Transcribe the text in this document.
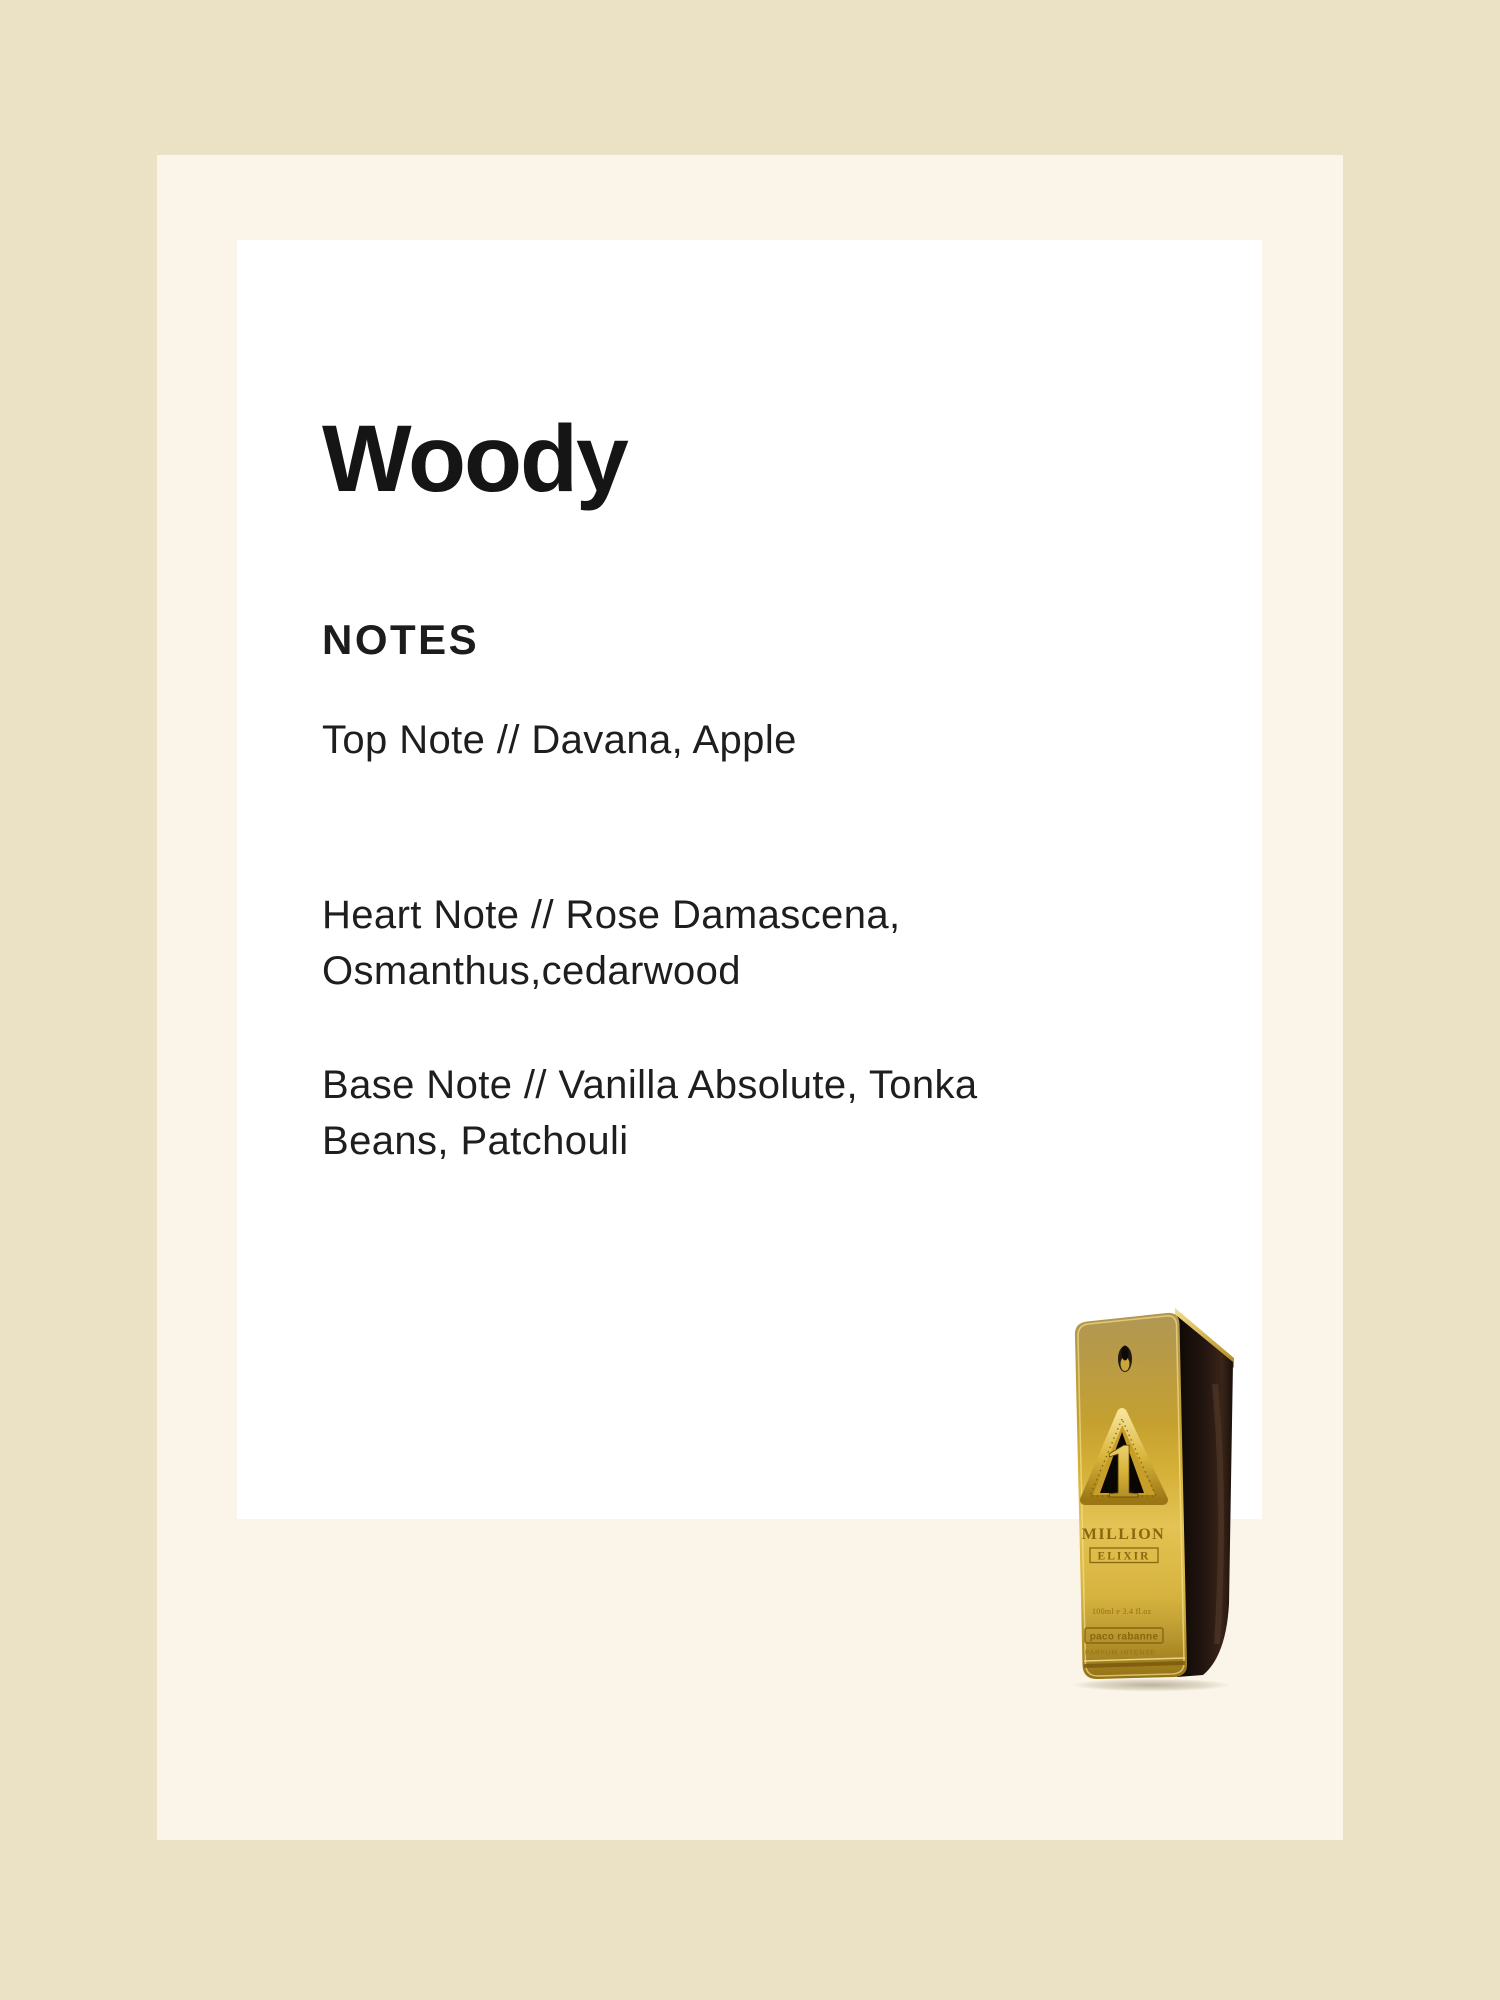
Woody
NOTES

Top Note // Davana, Apple

Heart Note // Rose Damascena,
Osmanthus,cedarwood

Base Note // Vanilla Absolute, Tonka
Beans, Patchouli

1
MILLION
ELIXIR
100ml e 3.4 fl.oz
paco rabanne
PARFUM INTENSE
